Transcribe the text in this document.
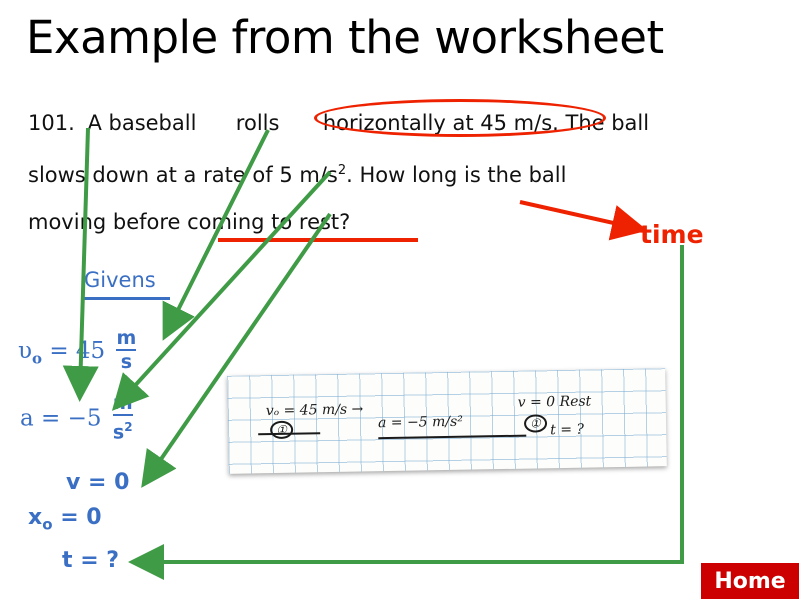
Example from the worksheet
101. A baseball rolls horizontally at 45 m/s. The ball
slows down at a rate of 5 $m/s^2$. How long is the ball
moving before coming to rest?	time
Givens
$\upsilon_o = 45 \frac{m}{s}$
$a = -5 \frac{m}{s^2}$
v = 0
$x_o = 0$
t = ?
vₒ = 45 m/s →
a = −5 m/s²
v = 0 Rest
t = ?
①	①
Home
